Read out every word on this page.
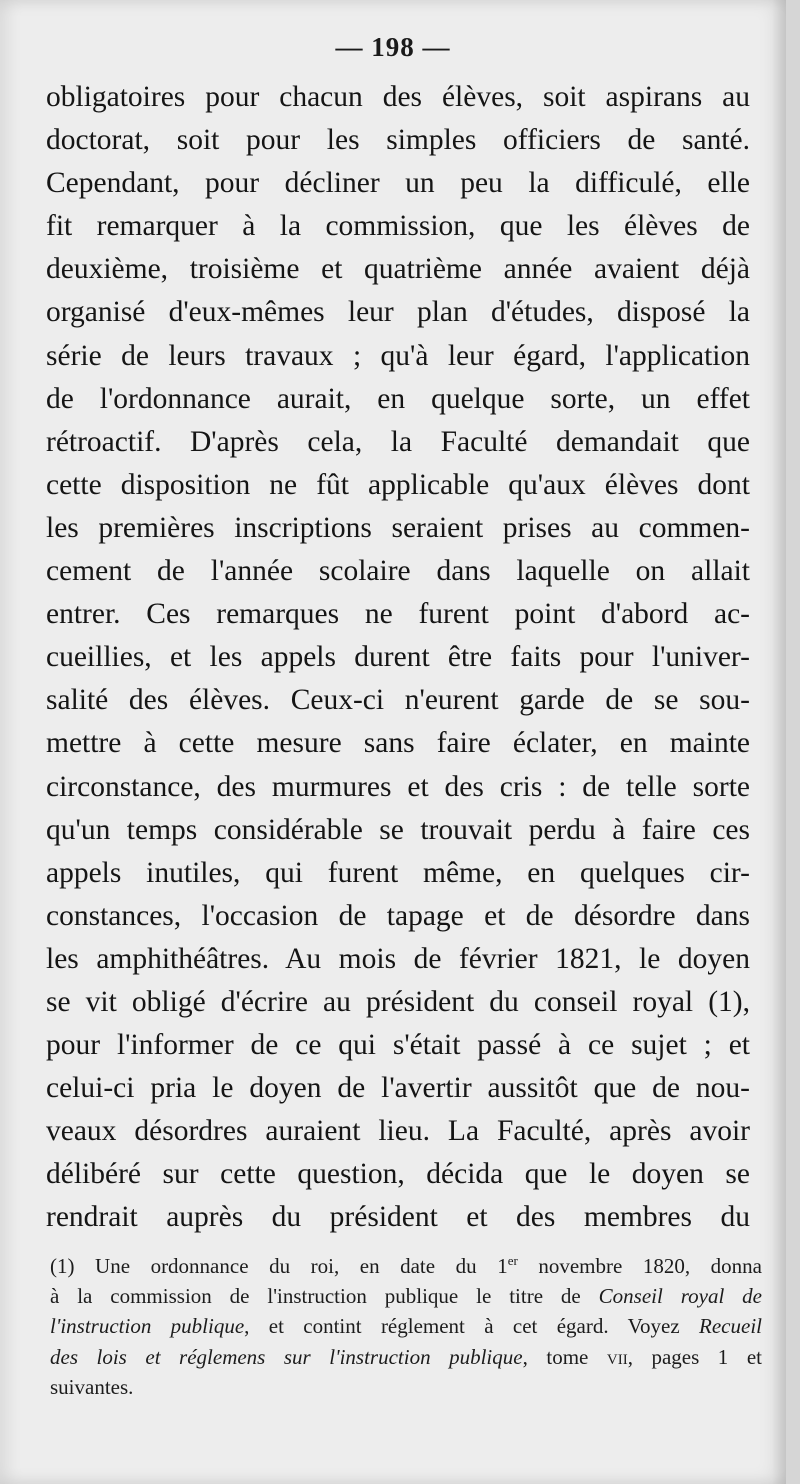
— 198 —
obligatoires pour chacun des élèves, soit aspirans au
doctorat, soit pour les simples officiers de santé.
Cependant, pour décliner un peu la difficulé, elle
fit remarquer à la commission, que les élèves de
deuxième, troisième et quatrième année avaient déjà
organisé d'eux-mêmes leur plan d'études, disposé la
série de leurs travaux ; qu'à leur égard, l'application
de l'ordonnance aurait, en quelque sorte, un effet
rétroactif. D'après cela, la Faculté demandait que
cette disposition ne fût applicable qu'aux élèves dont
les premières inscriptions seraient prises au commen-
cement de l'année scolaire dans laquelle on allait
entrer. Ces remarques ne furent point d'abord ac-
cueillies, et les appels durent être faits pour l'univer-
salité des élèves. Ceux-ci n'eurent garde de se sou-
mettre à cette mesure sans faire éclater, en mainte
circonstance, des murmures et des cris : de telle sorte
qu'un temps considérable se trouvait perdu à faire ces
appels inutiles, qui furent même, en quelques cir-
constances, l'occasion de tapage et de désordre dans
les amphithéâtres. Au mois de février 1821, le doyen
se vit obligé d'écrire au président du conseil royal (1),
pour l'informer de ce qui s'était passé à ce sujet ; et
celui-ci pria le doyen de l'avertir aussitôt que de nou-
veaux désordres auraient lieu. La Faculté, après avoir
délibéré sur cette question, décida que le doyen se
rendrait auprès du président et des membres du
(1) Une ordonnance du roi, en date du 1er novembre 1820, donna
à la commission de l'instruction publique le titre de Conseil royal de
l'instruction publique, et contint réglement à cet égard. Voyez Recueil
des lois et réglemens sur l'instruction publique, tome vii, pages 1 et
suivantes.
